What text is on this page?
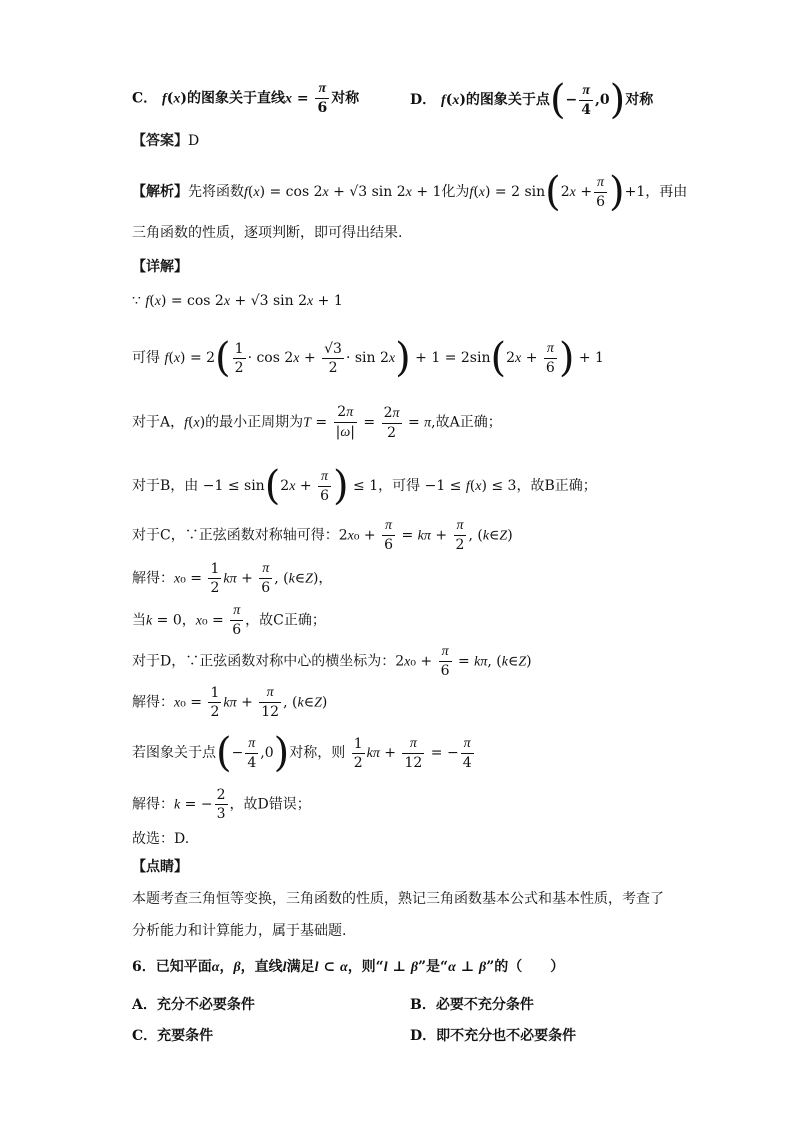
C． f(x)的图象关于直线$x = \frac{\pi}{6}$ 对称	D． f(x)的图象关于点(− $\frac{\pi}{4} ,0$)对称
【答案】D
【解析】先将函数f(x) = cos 2x + √3 sin 2x + 1化为f(x) = 2 $\sin(2x + \frac{\pi}{6} )+1$，再由
三角函数的性质，逐项判断，即可得出结果.
【详解】
∵ f(x) = cos 2x + √3 sin 2x + 1
可得 $f(x) = 2( \frac{1}{2} \cdot \cos 2x + \frac{√3}{2} \cdot \sin 2x) + 1 = 2\sin(2x + \frac{\pi}{6}$ ) + 1
对于A，f(x)的最小正周期为$T = \frac{2\pi}{|\omega|} = \frac{2\pi}{2} = \pi$,故A正确；
对于B，由 $-1 \le \sin(2x + \frac{\pi}{6}$ ) ≤ 1，可得 −1 ≤ f(x) ≤ 3，故B正确；
对于C，∵正弦函数对称轴可得：$2x_0 + \frac{\pi}{6} = k\pi + \frac{\pi}{2}$ , (k∈Z)
解得：$x_0 = \frac{1}{2}$ $k\pi + \frac{\pi}{6}$ , (k∈Z)，
当k = 0，$x_0 = \frac{\pi}{6}$ ，故C正确；
对于D，∵正弦函数对称中心的横坐标为：$2x_0 + \frac{\pi}{6} = k\pi$, (k∈Z)
解得：$x_0 = \frac{1}{2}$ $k\pi + \frac{\pi}{12}$ , (k∈Z)
若图象关于点(− $\frac{\pi}{4} ,0$)对称，则 $\frac{1}{2}$ $k\pi + \frac{\pi}{12}$ = − $\frac{\pi}{4}$
解得：k = − $\frac{2}{3}$ ，故D错误；
故选：D.
【点睛】
本题考查三角恒等变换，三角函数的性质，熟记三角函数基本公式和基本性质，考查了
分析能力和计算能力，属于基础题.
6．已知平面α，β，直线l满足l ⊂ α，则“l ⊥ β”是“α ⊥ β”的（　　）
A．充分不必要条件	B．必要不充分条件
C．充要条件	D．即不充分也不必要条件
